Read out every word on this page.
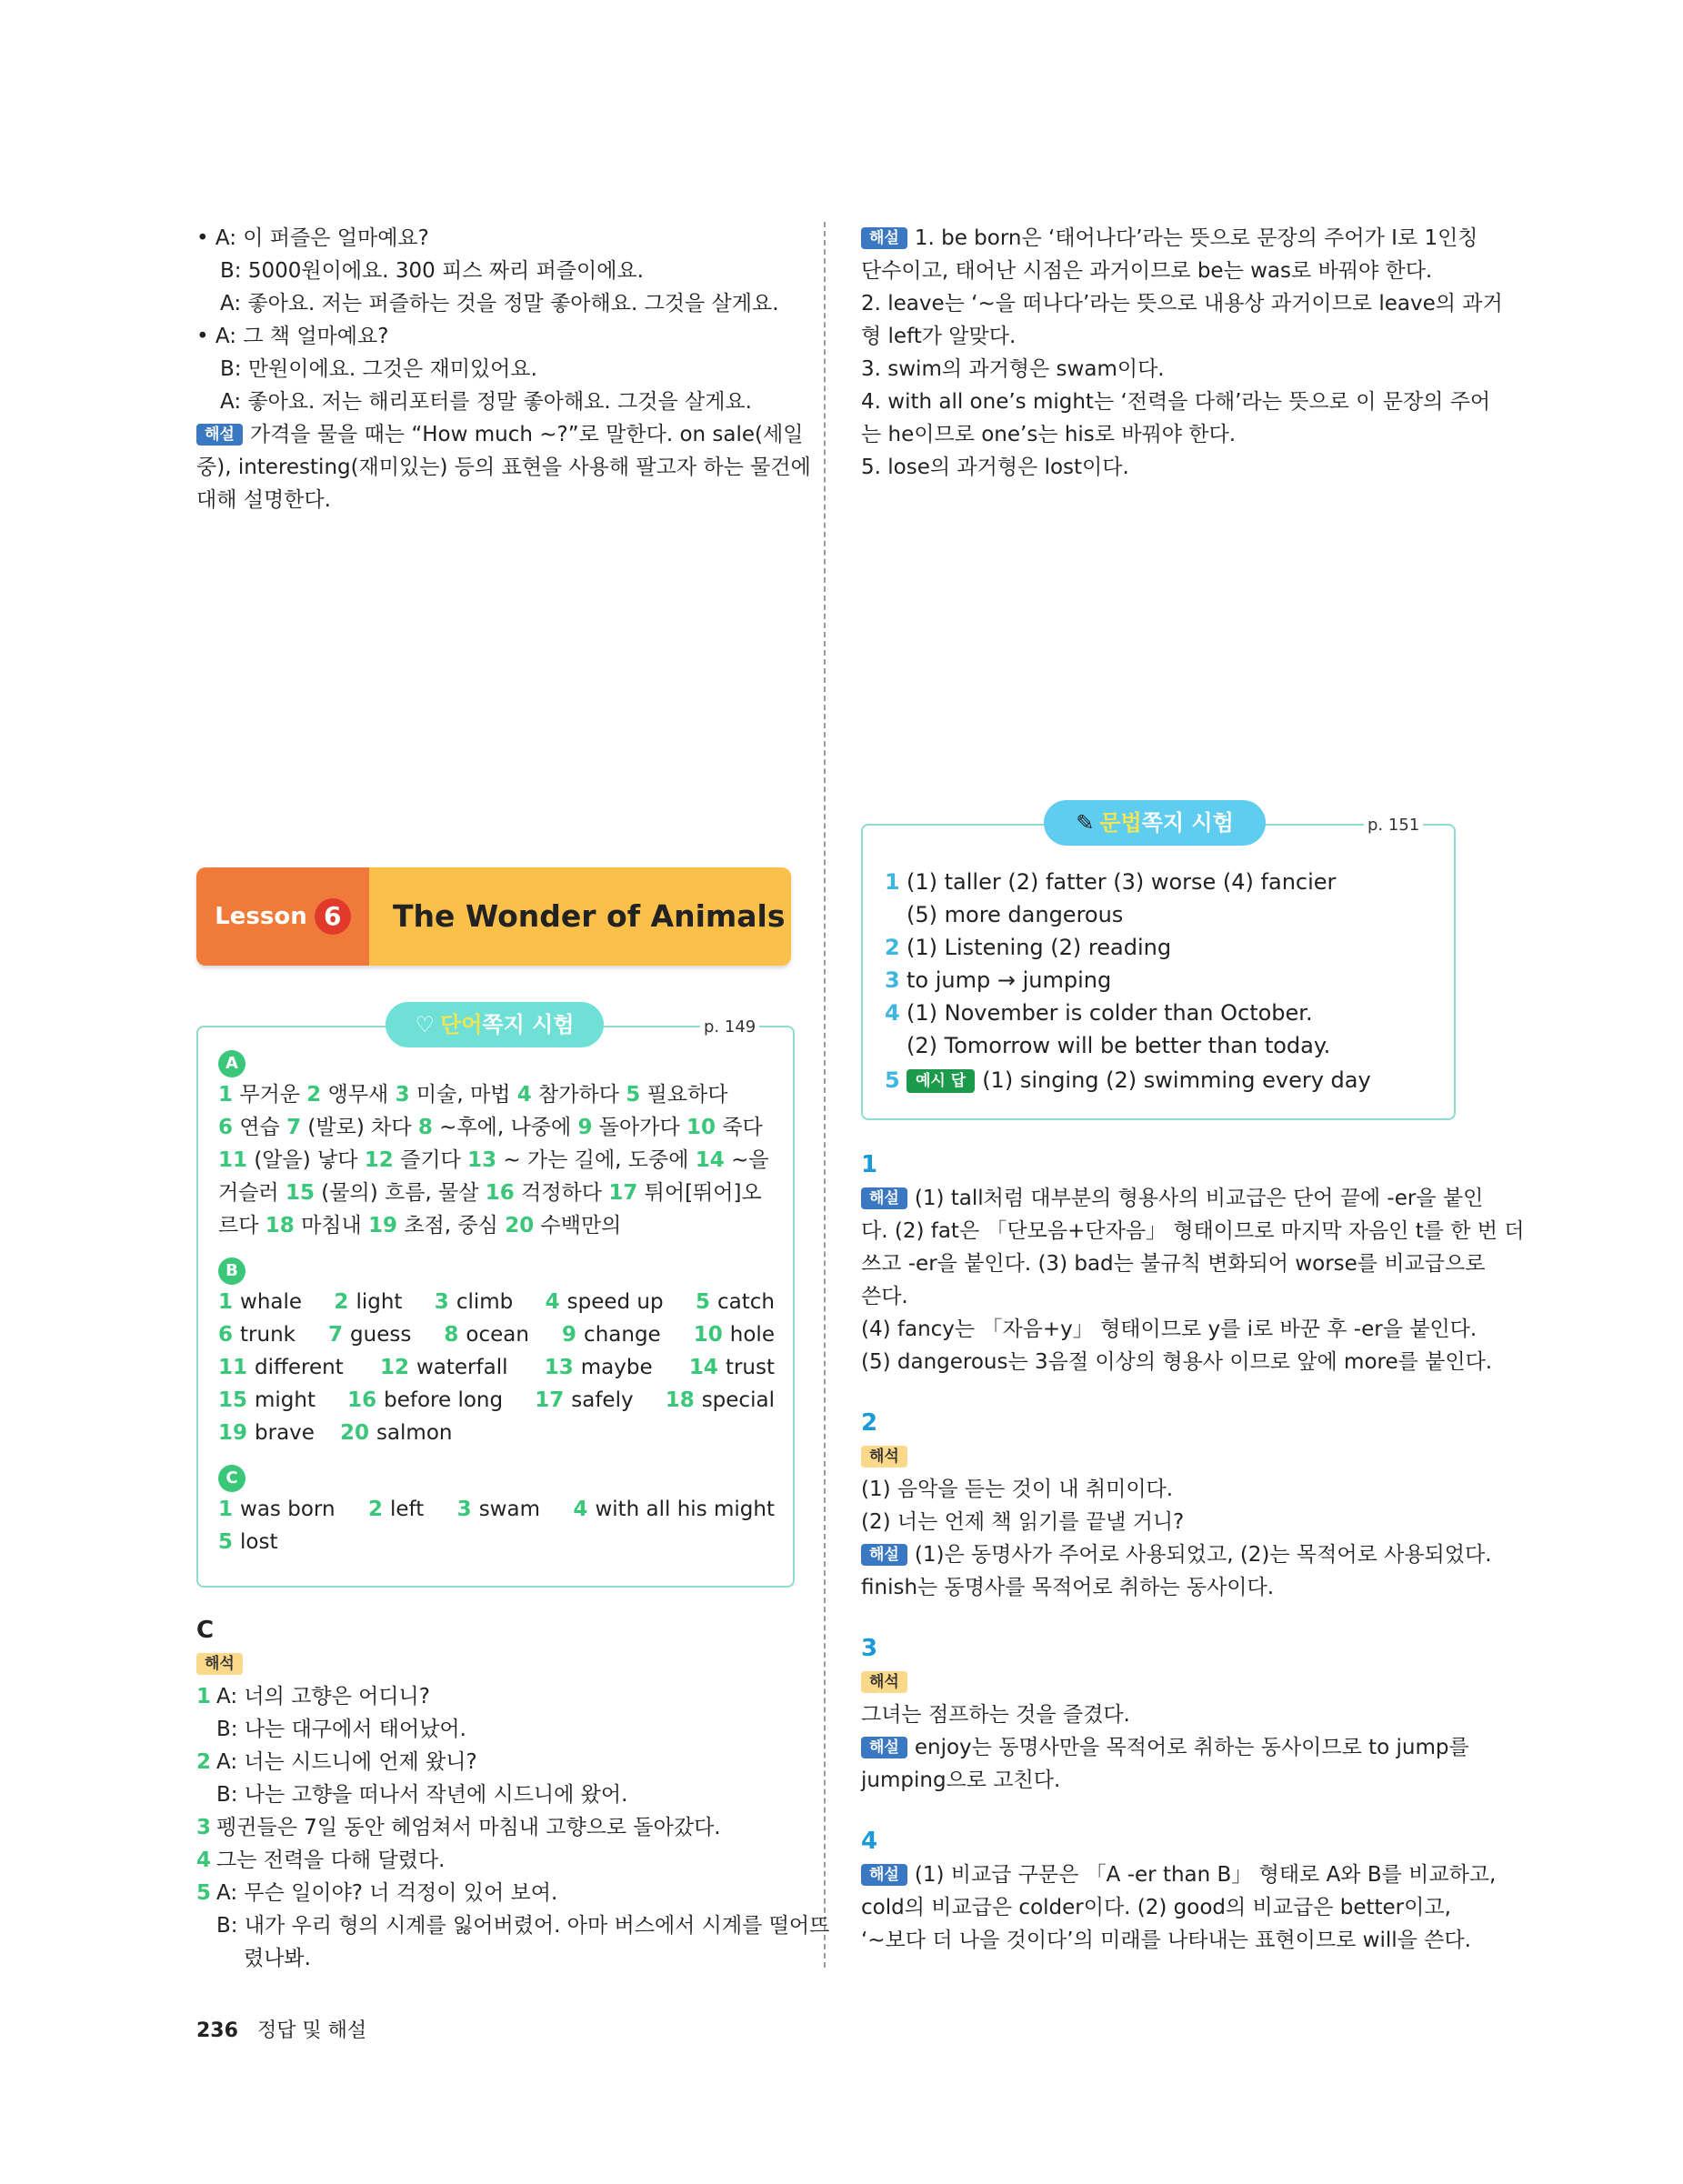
• A: 이 퍼즐은 얼마예요?
B: 5000원이에요. 300 피스 짜리 퍼즐이에요.
A: 좋아요. 저는 퍼즐하는 것을 정말 좋아해요. 그것을 살게요.
• A: 그 책 얼마예요?
B: 만원이에요. 그것은 재미있어요.
A: 좋아요. 저는 해리포터를 정말 좋아해요. 그것을 살게요.
해설 가격을 물을 때는 “How much ~?”로 말한다. on sale(세일
중), interesting(재미있는) 등의 표현을 사용해 팔고자 하는 물건에
대해 설명한다.
해설 1. be born은 ‘태어나다’라는 뜻으로 문장의 주어가 I로 1인칭
단수이고, 태어난 시점은 과거이므로 be는 was로 바꿔야 한다.
2. leave는 ‘~을 떠나다’라는 뜻으로 내용상 과거이므로 leave의 과거
형 left가 알맞다.
3. swim의 과거형은 swam이다.
4. with all one’s might는 ‘전력을 다해’라는 뜻으로 이 문장의 주어
는 he이므로 one’s는 his로 바꿔야 한다.
5. lose의 과거형은 lost이다.
Lesson 6	The Wonder of Animals
A
1 무거운 2 앵무새 3 미술, 마법 4 참가하다 5 필요하다
6 연습 7 (발로) 차다 8 ~후에, 나중에 9 돌아가다 10 죽다
11 (알을) 낳다 12 즐기다 13 ~ 가는 길에, 도중에 14 ~을
거슬러 15 (물의) 흐름, 물살 16 걱정하다 17 튀어[뛰어]오
르다 18 마침내 19 초점, 중심 20 수백만의
B
1 whale 2 light 3 climb 4 speed up 5 catch
6 trunk 7 guess 8 ocean 9 change 10 hole
11 different 12 waterfall 13 maybe 14 trust
15 might 16 before long 17 safely 18 special
19 brave 20 salmon
C
1 was born 2 left 3 swam 4 with all his might
5 lost
♡ 단어 쪽지 시험	p. 149
C
해석
1 A: 너의 고향은 어디니?
B: 나는 대구에서 태어났어.
2 A: 너는 시드니에 언제 왔니?
B: 나는 고향을 떠나서 작년에 시드니에 왔어.
3 펭귄들은 7일 동안 헤엄쳐서 마침내 고향으로 돌아갔다.
4 그는 전력을 다해 달렸다.
5 A: 무슨 일이야? 너 걱정이 있어 보여.
B: 내가 우리 형의 시계를 잃어버렸어. 아마 버스에서 시계를 떨어뜨
렸나봐.
1 (1) taller (2) fatter (3) worse (4) fancier
(5) more dangerous
2 (1) Listening (2) reading
3 to jump → jumping
4 (1) November is colder than October.
(2) Tomorrow will be better than today.
5 예시 답 (1) singing (2) swimming every day
✎ 문법 쪽지 시험	p. 151
1
해설 (1) tall처럼 대부분의 형용사의 비교급은 단어 끝에 -er을 붙인
다. (2) fat은 「단모음+단자음」 형태이므로 마지막 자음인 t를 한 번 더
쓰고 -er을 붙인다. (3) bad는 불규칙 변화되어 worse를 비교급으로
쓴다.
(4) fancy는 「자음+y」 형태이므로 y를 i로 바꾼 후 -er을 붙인다.
(5) dangerous는 3음절 이상의 형용사 이므로 앞에 more를 붙인다.
2
해석
(1) 음악을 듣는 것이 내 취미이다.
(2) 너는 언제 책 읽기를 끝낼 거니?
해설 (1)은 동명사가 주어로 사용되었고, (2)는 목적어로 사용되었다.
finish는 동명사를 목적어로 취하는 동사이다.
3
해석
그녀는 점프하는 것을 즐겼다.
해설 enjoy는 동명사만을 목적어로 취하는 동사이므로 to jump를
jumping으로 고친다.
4
해설 (1) 비교급 구문은 「A -er than B」 형태로 A와 B를 비교하고,
cold의 비교급은 colder이다. (2) good의 비교급은 better이고,
‘~보다 더 나을 것이다’의 미래를 나타내는 표현이므로 will을 쓴다.
236 정답 및 해설
